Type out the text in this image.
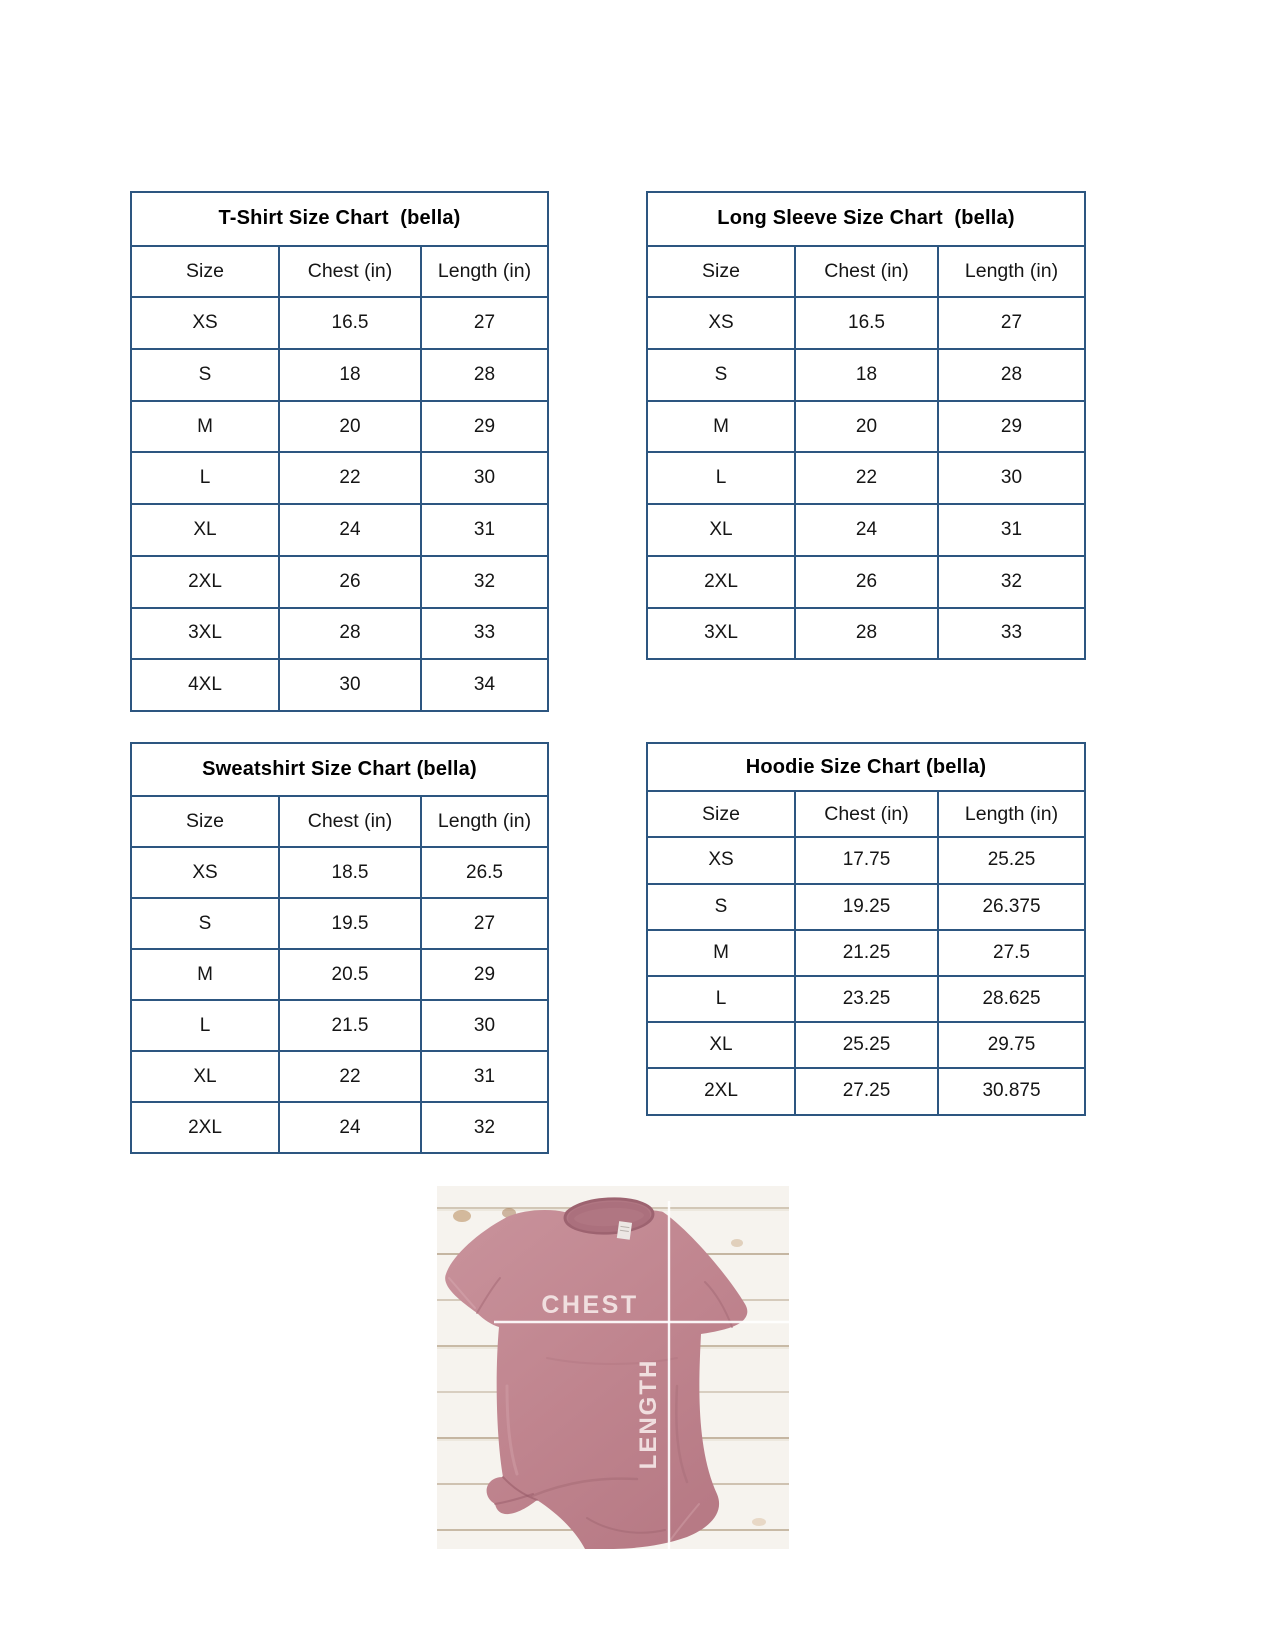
T-Shirt Size Chart  (bella)
Size	Chest (in)	Length (in)
XS	16.5	27
S	18	28
M	20	29
L	22	30
XL	24	31
2XL	26	32
3XL	28	33
4XL	30	34
Long Sleeve Size Chart  (bella)
Size	Chest (in)	Length (in)
XS	16.5	27
S	18	28
M	20	29
L	22	30
XL	24	31
2XL	26	32
3XL	28	33
Sweatshirt Size Chart (bella)
Size	Chest (in)	Length (in)
XS	18.5	26.5
S	19.5	27
M	20.5	29
L	21.5	30
XL	22	31
2XL	24	32
Hoodie Size Chart (bella)
Size	Chest (in)	Length (in)
XS	17.75	25.25
S	19.25	26.375
M	21.25	27.5
L	23.25	28.625
XL	25.25	29.75
2XL	27.25	30.875
CHEST
LENGTH
